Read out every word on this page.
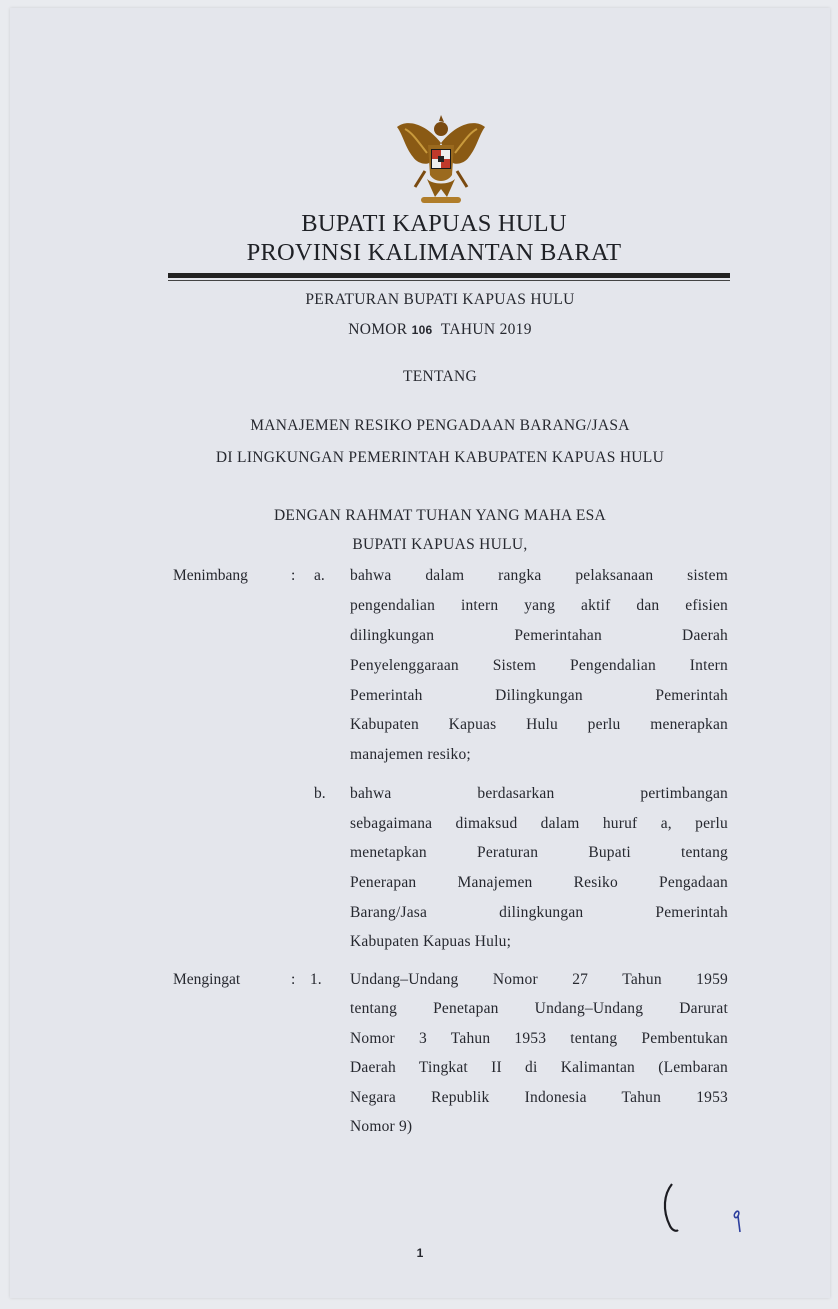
BUPATI KAPUAS HULU
PROVINSI KALIMANTAN BARAT
PERATURAN BUPATI KAPUAS HULU
NOMOR 106 TAHUN 2019
TENTANG
MANAJEMEN RESIKO PENGADAAN BARANG/JASA
DI LINGKUNGAN PEMERINTAH KABUPATEN KAPUAS HULU
DENGAN RAHMAT TUHAN YANG MAHA ESA
BUPATI KAPUAS HULU,
Menimbang	: a. bahwa dalam rangka pelaksanaan sistem
pengendalian intern yang aktif dan efisien
dilingkungan Pemerintahan Daerah
Penyelenggaraan Sistem Pengendalian Intern
Pemerintah Dilingkungan Pemerintah
Kabupaten Kapuas Hulu perlu menerapkan
manajemen resiko;
b. bahwa berdasarkan pertimbangan
sebagaimana dimaksud dalam huruf a, perlu
menetapkan Peraturan Bupati tentang
Penerapan Manajemen Resiko Pengadaan
Barang/Jasa dilingkungan Pemerintah
Kabupaten Kapuas Hulu;
Mengingat	: 1. Undang–Undang Nomor 27 Tahun 1959
tentang Penetapan Undang–Undang Darurat
Nomor 3 Tahun 1953 tentang Pembentukan
Daerah Tingkat II di Kalimantan (Lembaran
Negara Republik Indonesia Tahun 1953
Nomor 9)
1
